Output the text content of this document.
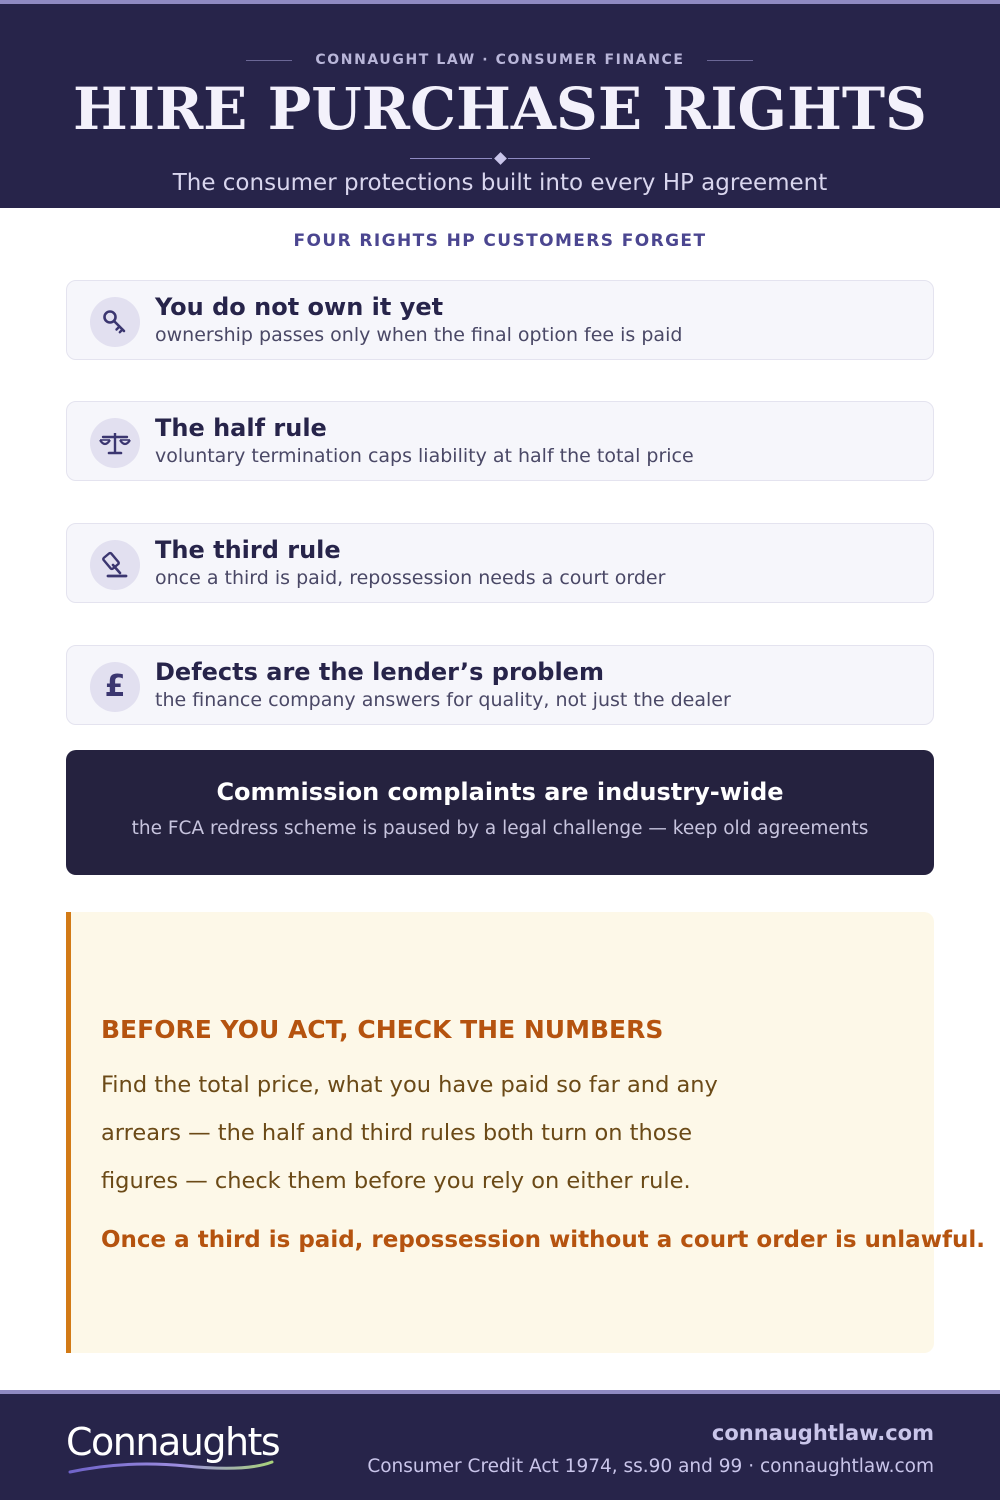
CONNAUGHT LAW · CONSUMER FINANCE
HIRE PURCHASE RIGHTS
The consumer protections built into every HP agreement
FOUR RIGHTS HP CUSTOMERS FORGET
You do not own it yet
ownership passes only when the final option fee is paid
The half rule
voluntary termination caps liability at half the total price
The third rule
once a third is paid, repossession needs a court order
£ Defects are the lender’s problem
the finance company answers for quality, not just the dealer
Commission complaints are industry-wide
the FCA redress scheme is paused by a legal challenge — keep old agreements
BEFORE YOU ACT, CHECK THE NUMBERS
Find the total price, what you have paid so far and any
arrears — the half and third rules both turn on those
figures — check them before you rely on either rule.
Once a third is paid, repossession without a court order is unlawful.
Connaughts	connaughtlaw.com
Consumer Credit Act 1974, ss.90 and 99 · connaughtlaw.com
